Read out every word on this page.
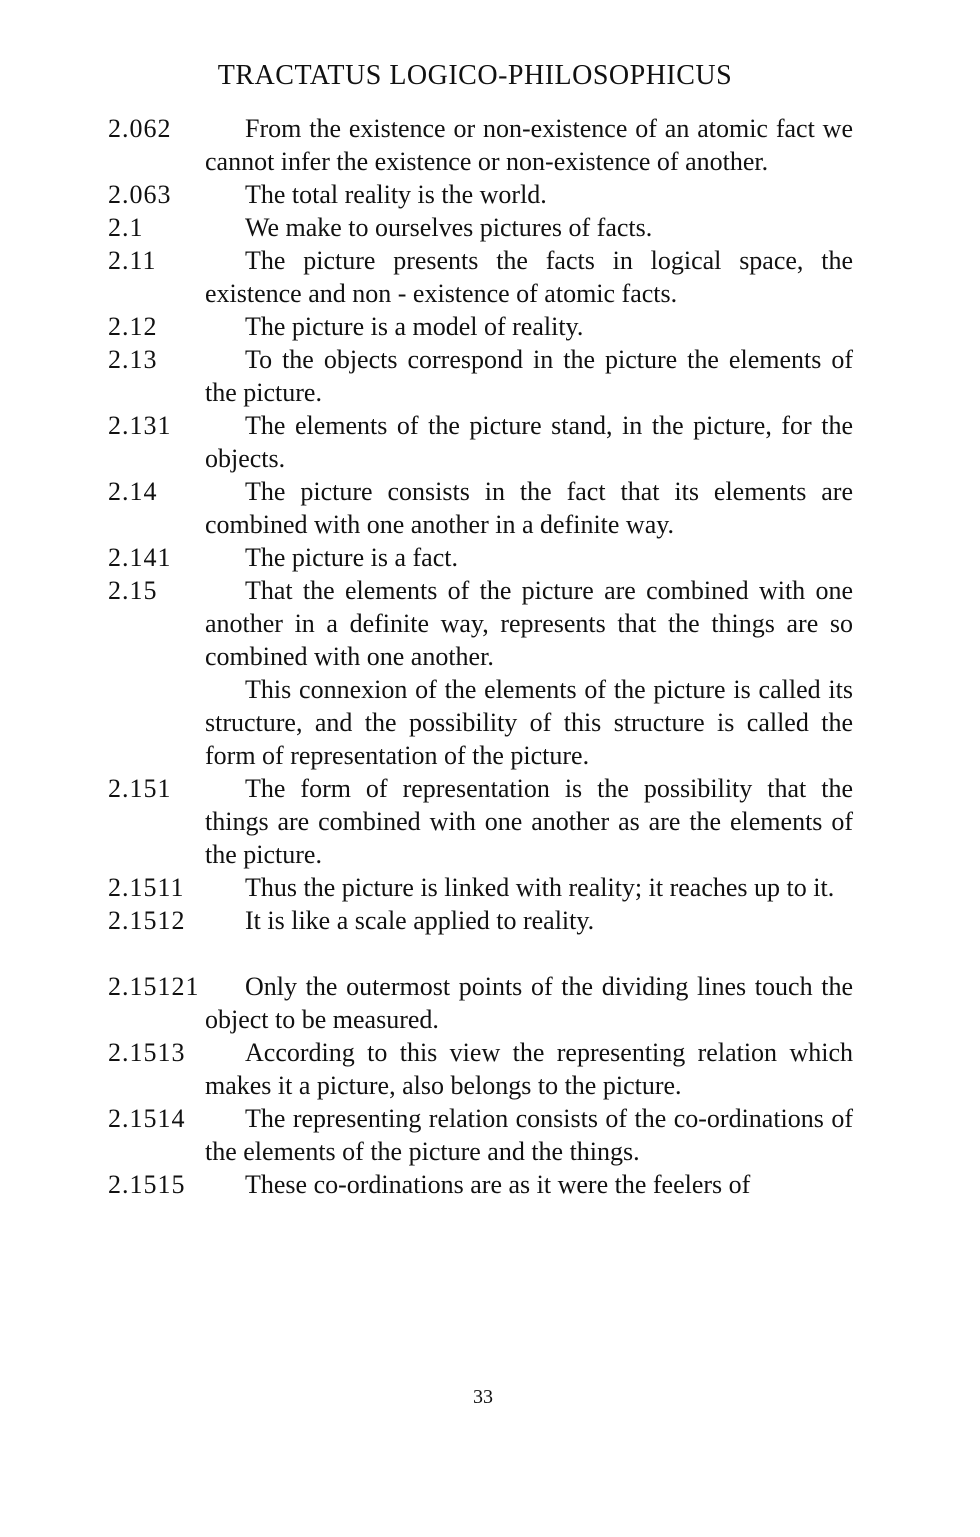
TRACTATUS LOGICO-PHILOSOPHICUS
2.062	From the existence or non-existence of an atomic fact we cannot infer the existence or non-existence of another.

2.063	The total reality is the world.

2.1	We make to ourselves pictures of facts.

2.11	The picture presents the facts in logical space, the existence and non - existence of atomic facts.

2.12	The picture is a model of reality.

2.13	To the objects correspond in the picture the elements of the picture.

2.131	The elements of the picture stand, in the picture, for the objects.

2.14	The picture consists in the fact that its elements are combined with one another in a definite way.

2.141	The picture is a fact.

2.15	That the elements of the picture are combined with one another in a definite way, represents that the things are so combined with one another.

This connexion of the elements of the picture is called its structure, and the possibility of this structure is called the form of representation of the picture.

2.151	The form of representation is the possibility that the things are combined with one another as are the elements of the picture.

2.1511	Thus the picture is linked with reality; it reaches up to it.

2.1512	It is like a scale applied to reality.

2.15121	Only the outermost points of the dividing lines touch the object to be measured.

2.1513	According to this view the representing relation which makes it a picture, also belongs to the picture.

2.1514	The representing relation consists of the co-ordinations of the elements of the picture and the things.

2.1515	These co-ordinations are as it were the feelers of

33
